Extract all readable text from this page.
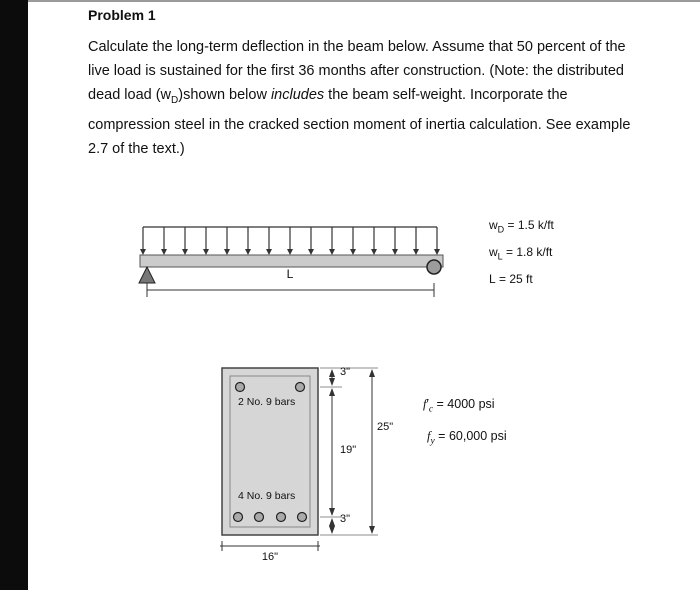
Problem 1

Calculate the long-term deflection in the beam below. Assume that 50 percent of the live load is sustained for the first 36 months after construction. (Note: the distributed dead load $(w_D)shown$ below includes the beam self-weight. Incorporate the compression steel in the cracked section moment of inertia calculation. See example 2.7 of the text.)

L
$w_D = 1.5$ k/ft
$w_L = 1.8$ k/ft
L = 25 ft
2 No. 9 bars
4 No. 9 bars
3"
19"
3"
25"
16"
$f'_c = 4000$ psi
$f_y = 60,000$ psi
